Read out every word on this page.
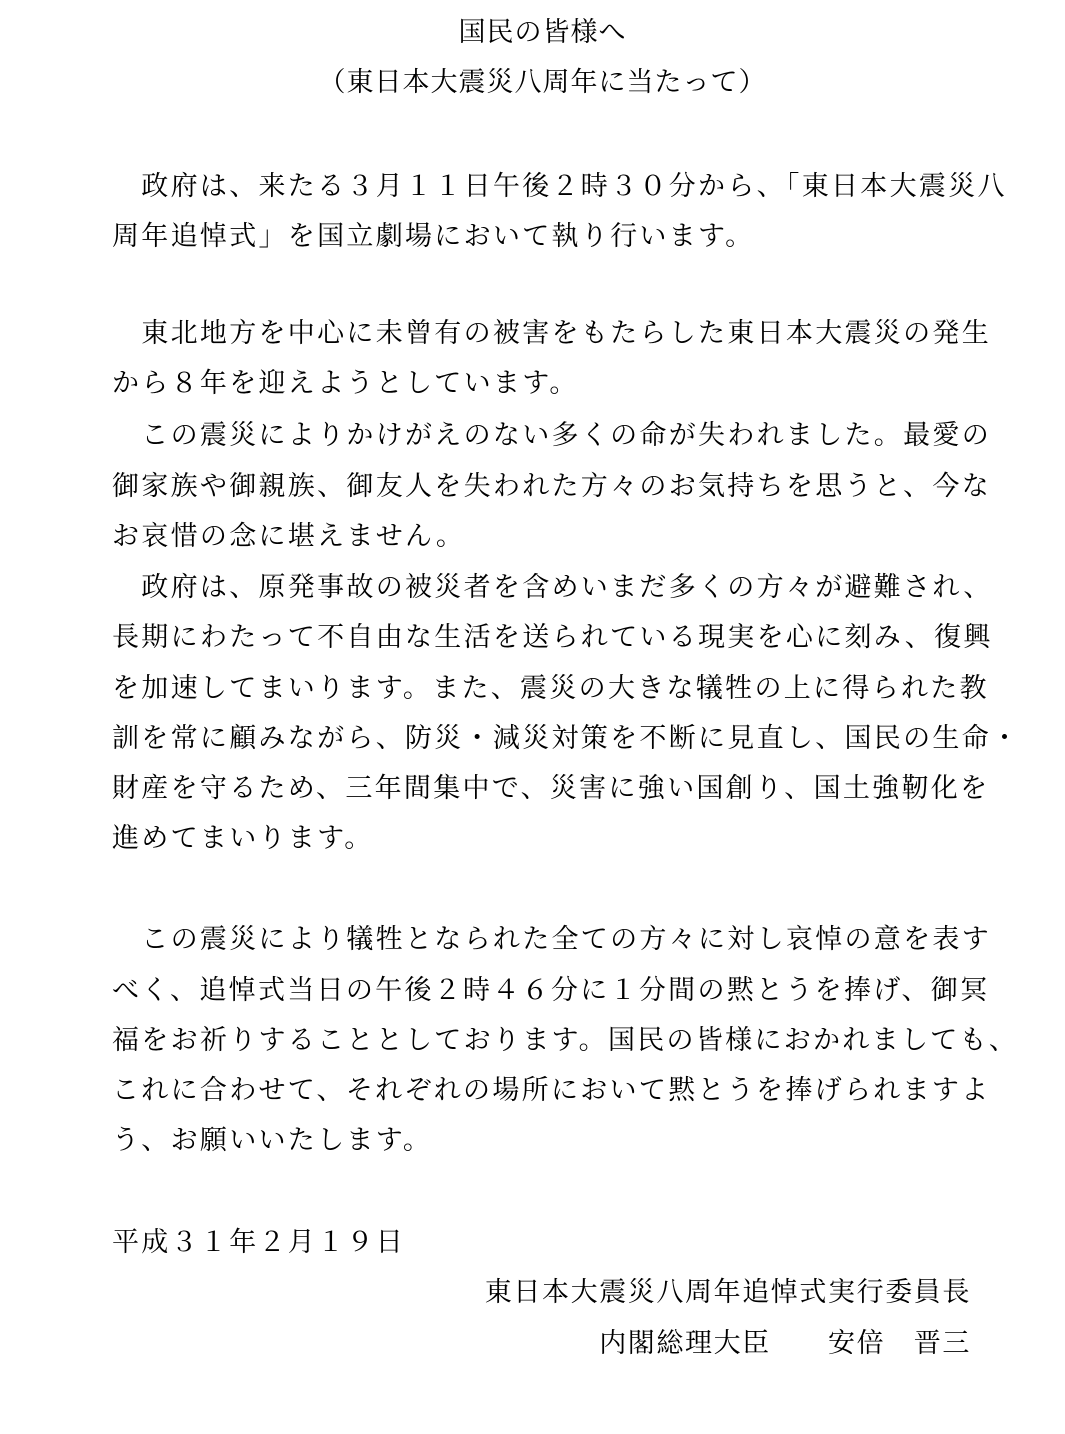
国民の皆様へ
（東日本大震災八周年に当たって）
　政府は、来たる３月１１日午後２時３０分から、「東日本大震災八
周年追悼式」を国立劇場において執り行います。
　東北地方を中心に未曾有の被害をもたらした東日本大震災の発生
から８年を迎えようとしています。
　この震災によりかけがえのない多くの命が失われました。最愛の
御家族や御親族、御友人を失われた方々のお気持ちを思うと、今な
お哀惜の念に堪えません。
　政府は、原発事故の被災者を含めいまだ多くの方々が避難され、
長期にわたって不自由な生活を送られている現実を心に刻み、復興
を加速してまいります。また、震災の大きな犠牲の上に得られた教
訓を常に顧みながら、防災・減災対策を不断に見直し、国民の生命・
財産を守るため、三年間集中で、災害に強い国創り、国土強靭化を
進めてまいります。
　この震災により犠牲となられた全ての方々に対し哀悼の意を表す
べく、追悼式当日の午後２時４６分に１分間の黙とうを捧げ、御冥
福をお祈りすることとしております。国民の皆様におかれましても、
これに合わせて、それぞれの場所において黙とうを捧げられますよ
う、お願いいたします。
平成３１年２月１９日
東日本大震災八周年追悼式実行委員長
内閣総理大臣　　安倍　晋三
